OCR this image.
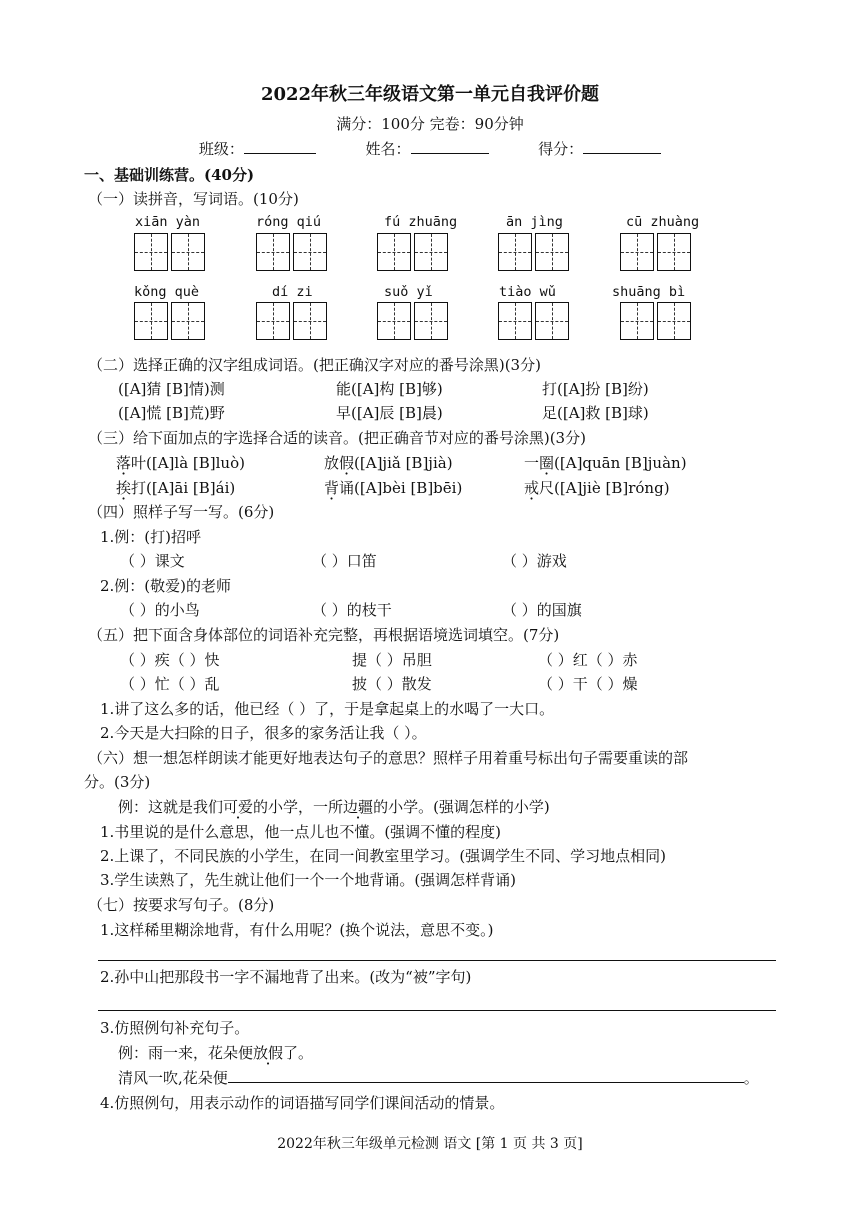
2022年秋三年级语文第一单元自我评价题
满分：100分 完卷：90分钟
班级：	姓名：	得分：
一、基础训练营。(40分)
（一）读拼音，写词语。(10分)
xiān yàn	róng qiú	fú zhuāng	ān jìng	cū zhuàng
kǒng què	dí zi	suǒ yǐ	tiào wǔ	shuāng bì
（二）选择正确的汉字组成词语。(把正确汉字对应的番号涂黑)(3分)
([A]猜 [B]情)测	能([A]构 [B]够)	打([A]扮 [B]纷)
([A]慌 [B]荒)野	早([A]辰 [B]晨)	足([A]救 [B]球)
（三）给下面加点的字选择合适的读音。(把正确音节对应的番号涂黑)(3分)
落叶([A]là [B]luò)	放假([A]jiǎ [B]jià)	一圈([A]quān [B]juàn)
挨打([A]āi [B]ái)	背诵([A]bèi [B]bēi)	戒尺([A]jiè [B]róng)
（四）照样子写一写。(6分)
1.例：(打)招呼
（ ）课文	（ ）口笛	（ ）游戏
2.例：(敬爱)的老师
（ ）的小鸟	（ ）的枝干	（ ）的国旗
（五）把下面含身体部位的词语补充完整，再根据语境选词填空。(7分)
（ ）疾（ ）快	提（ ）吊胆	（ ）红（ ）赤
（ ）忙（ ）乱	披（ ）散发	（ ）干（ ）燥
1.讲了这么多的话，他已经（ ）了，于是拿起桌上的水喝了一大口。
2.今天是大扫除的日子，很多的家务活让我（ ）。
（六）想一想怎样朗读才能更好地表达句子的意思？照样子用着重号标出句子需要重读的部
分。(3分)
例：这就是我们可爱的小学，一所边疆的小学。(强调怎样的小学)
1.书里说的是什么意思，他一点儿也不懂。(强调不懂的程度)
2.上课了，不同民族的小学生，在同一间教室里学习。(强调学生不同、学习地点相同)
3.学生读熟了，先生就让他们一个一个地背诵。(强调怎样背诵)
（七）按要求写句子。(8分)
1.这样稀里糊涂地背，有什么用呢？(换个说法，意思不变。)
2.孙中山把那段书一字不漏地背了出来。(改为“被”字句)
3.仿照例句补充句子。
例：雨一来，花朵便放假了。
清风一吹,花朵便	。
4.仿照例句，用表示动作的词语描写同学们课间活动的情景。
2022年秋三年级单元检测 语文 [第 1 页 共 3 页]
